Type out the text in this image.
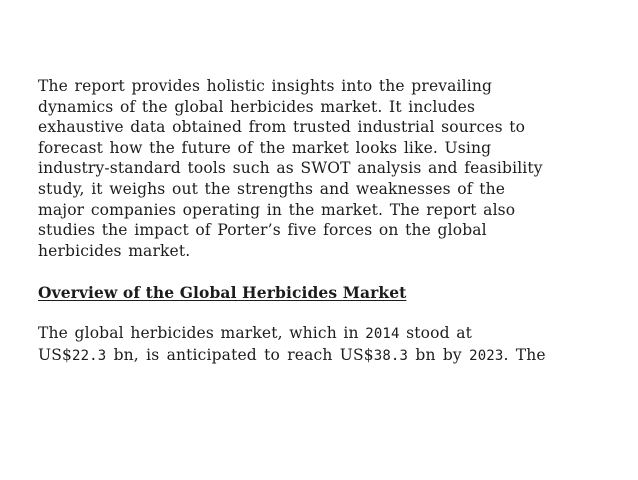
The report provides holistic insights into the prevailing
dynamics of the global herbicides market. It includes
exhaustive data obtained from trusted industrial sources to
forecast how the future of the market looks like. Using
industry-standard tools such as SWOT analysis and feasibility
study, it weighs out the strengths and weaknesses of the
major companies operating in the market. The report also
studies the impact of Porter’s five forces on the global
herbicides market.
Overview of the Global Herbicides Market
The global herbicides market, which in 2014 stood at
US$22.3 bn, is anticipated to reach US$38.3 bn by 2023. The
